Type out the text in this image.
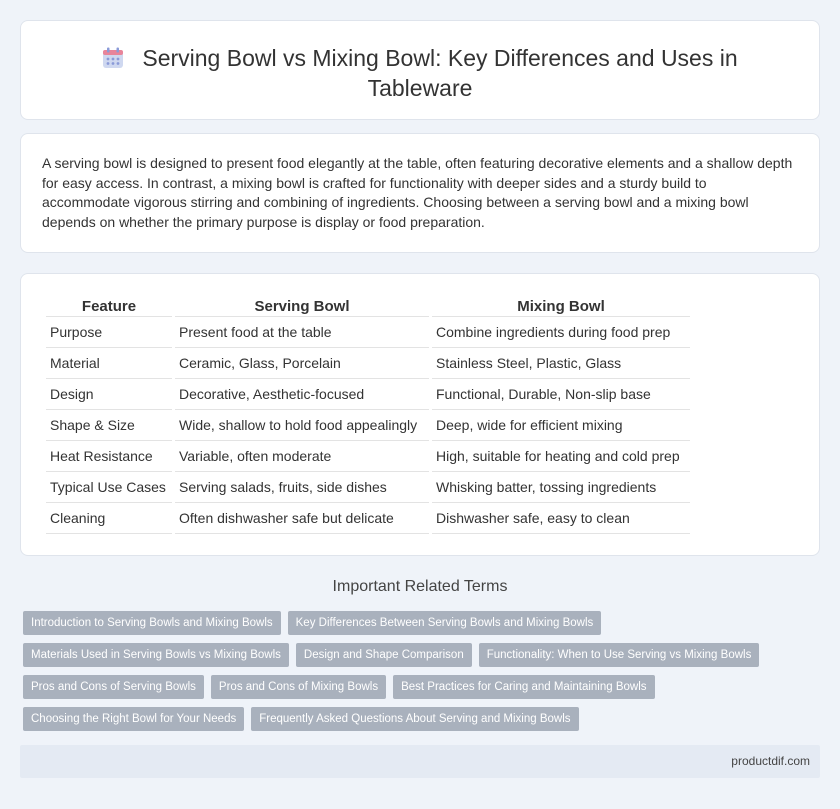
Serving Bowl vs Mixing Bowl: Key Differences and Uses in Tableware

A serving bowl is designed to present food elegantly at the table, often featuring decorative elements and a shallow depth for easy access. In contrast, a mixing bowl is crafted for functionality with deeper sides and a sturdy build to accommodate vigorous stirring and combining of ingredients. Choosing between a serving bowl and a mixing bowl depends on whether the primary purpose is display or food preparation.

Feature	Serving Bowl	Mixing Bowl
Purpose	Present food at the table	Combine ingredients during food prep
Material	Ceramic, Glass, Porcelain	Stainless Steel, Plastic, Glass
Design	Decorative, Aesthetic-focused	Functional, Durable, Non-slip base
Shape & Size	Wide, shallow to hold food appealingly	Deep, wide for efficient mixing
Heat Resistance	Variable, often moderate	High, suitable for heating and cold prep
Typical Use Cases	Serving salads, fruits, side dishes	Whisking batter, tossing ingredients
Cleaning	Often dishwasher safe but delicate	Dishwasher safe, easy to clean
Important Related Terms
Introduction to Serving Bowls and Mixing Bowls	Key Differences Between Serving Bowls and Mixing Bowls
Materials Used in Serving Bowls vs Mixing Bowls	Design and Shape Comparison	Functionality: When to Use Serving vs Mixing Bowls
Pros and Cons of Serving Bowls	Pros and Cons of Mixing Bowls	Best Practices for Caring and Maintaining Bowls
Choosing the Right Bowl for Your Needs	Frequently Asked Questions About Serving and Mixing Bowls
productdif.com
